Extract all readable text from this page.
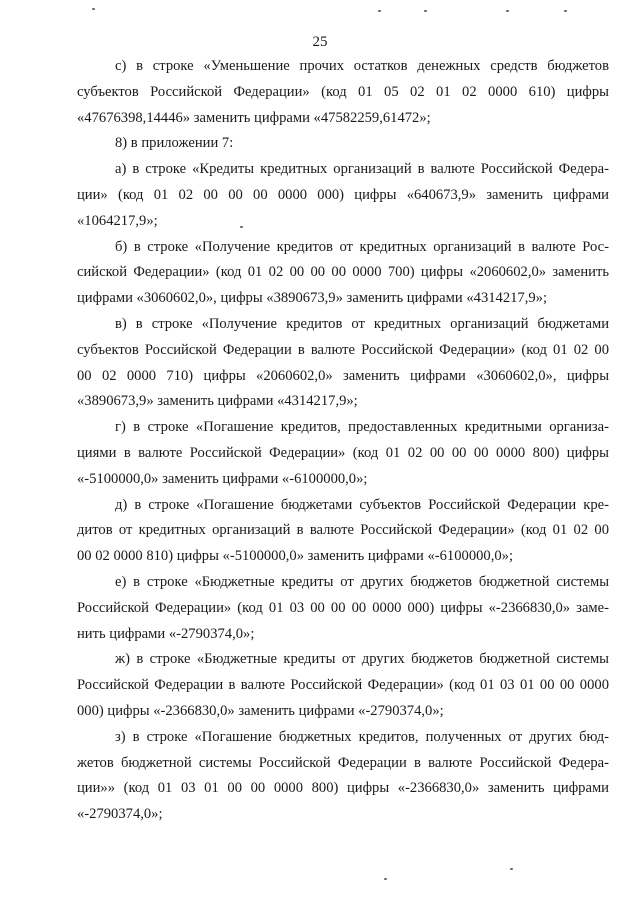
25
с) в строке «Уменьшение прочих остатков денежных средств бюджетов
субъектов Российской Федерации» (код 01 05 02 01 02 0000 610) цифры
«47676398,14446» заменить цифрами «47582259,61472»;
8) в приложении 7:
а) в строке «Кредиты кредитных организаций в валюте Российской Федера-
ции» (код 01 02 00 00 00 0000 000) цифры «640673,9» заменить цифрами
«1064217,9»;
б) в строке «Получение кредитов от кредитных организаций в валюте Рос-
сийской Федерации» (код 01 02 00 00 00 0000 700) цифры «2060602,0» заменить
цифрами «3060602,0», цифры «3890673,9» заменить цифрами «4314217,9»;
в) в строке «Получение кредитов от кредитных организаций бюджетами
субъектов Российской Федерации в валюте Российской Федерации» (код 01 02 00
00 02 0000 710) цифры «2060602,0» заменить цифрами «3060602,0», цифры
«3890673,9» заменить цифрами «4314217,9»;
г) в строке «Погашение кредитов, предоставленных кредитными организа-
циями в валюте Российской Федерации» (код 01 02 00 00 00 0000 800) цифры
«-5100000,0» заменить цифрами «-6100000,0»;
д) в строке «Погашение бюджетами субъектов Российской Федерации кре-
дитов от кредитных организаций в валюте Российской Федерации» (код 01 02 00
00 02 0000 810) цифры «-5100000,0» заменить цифрами «-6100000,0»;
е) в строке «Бюджетные кредиты от других бюджетов бюджетной системы
Российской Федерации» (код 01 03 00 00 00 0000 000) цифры «-2366830,0» заме-
нить цифрами «-2790374,0»;
ж) в строке «Бюджетные кредиты от других бюджетов бюджетной системы
Российской Федерации в валюте Российской Федерации» (код 01 03 01 00 00 0000
000) цифры «-2366830,0» заменить цифрами «-2790374,0»;
з) в строке «Погашение бюджетных кредитов, полученных от других бюд-
жетов бюджетной системы Российской Федерации в валюте Российской Федера-
ции»» (код 01 03 01 00 00 0000 800) цифры «-2366830,0» заменить цифрами
«-2790374,0»;
